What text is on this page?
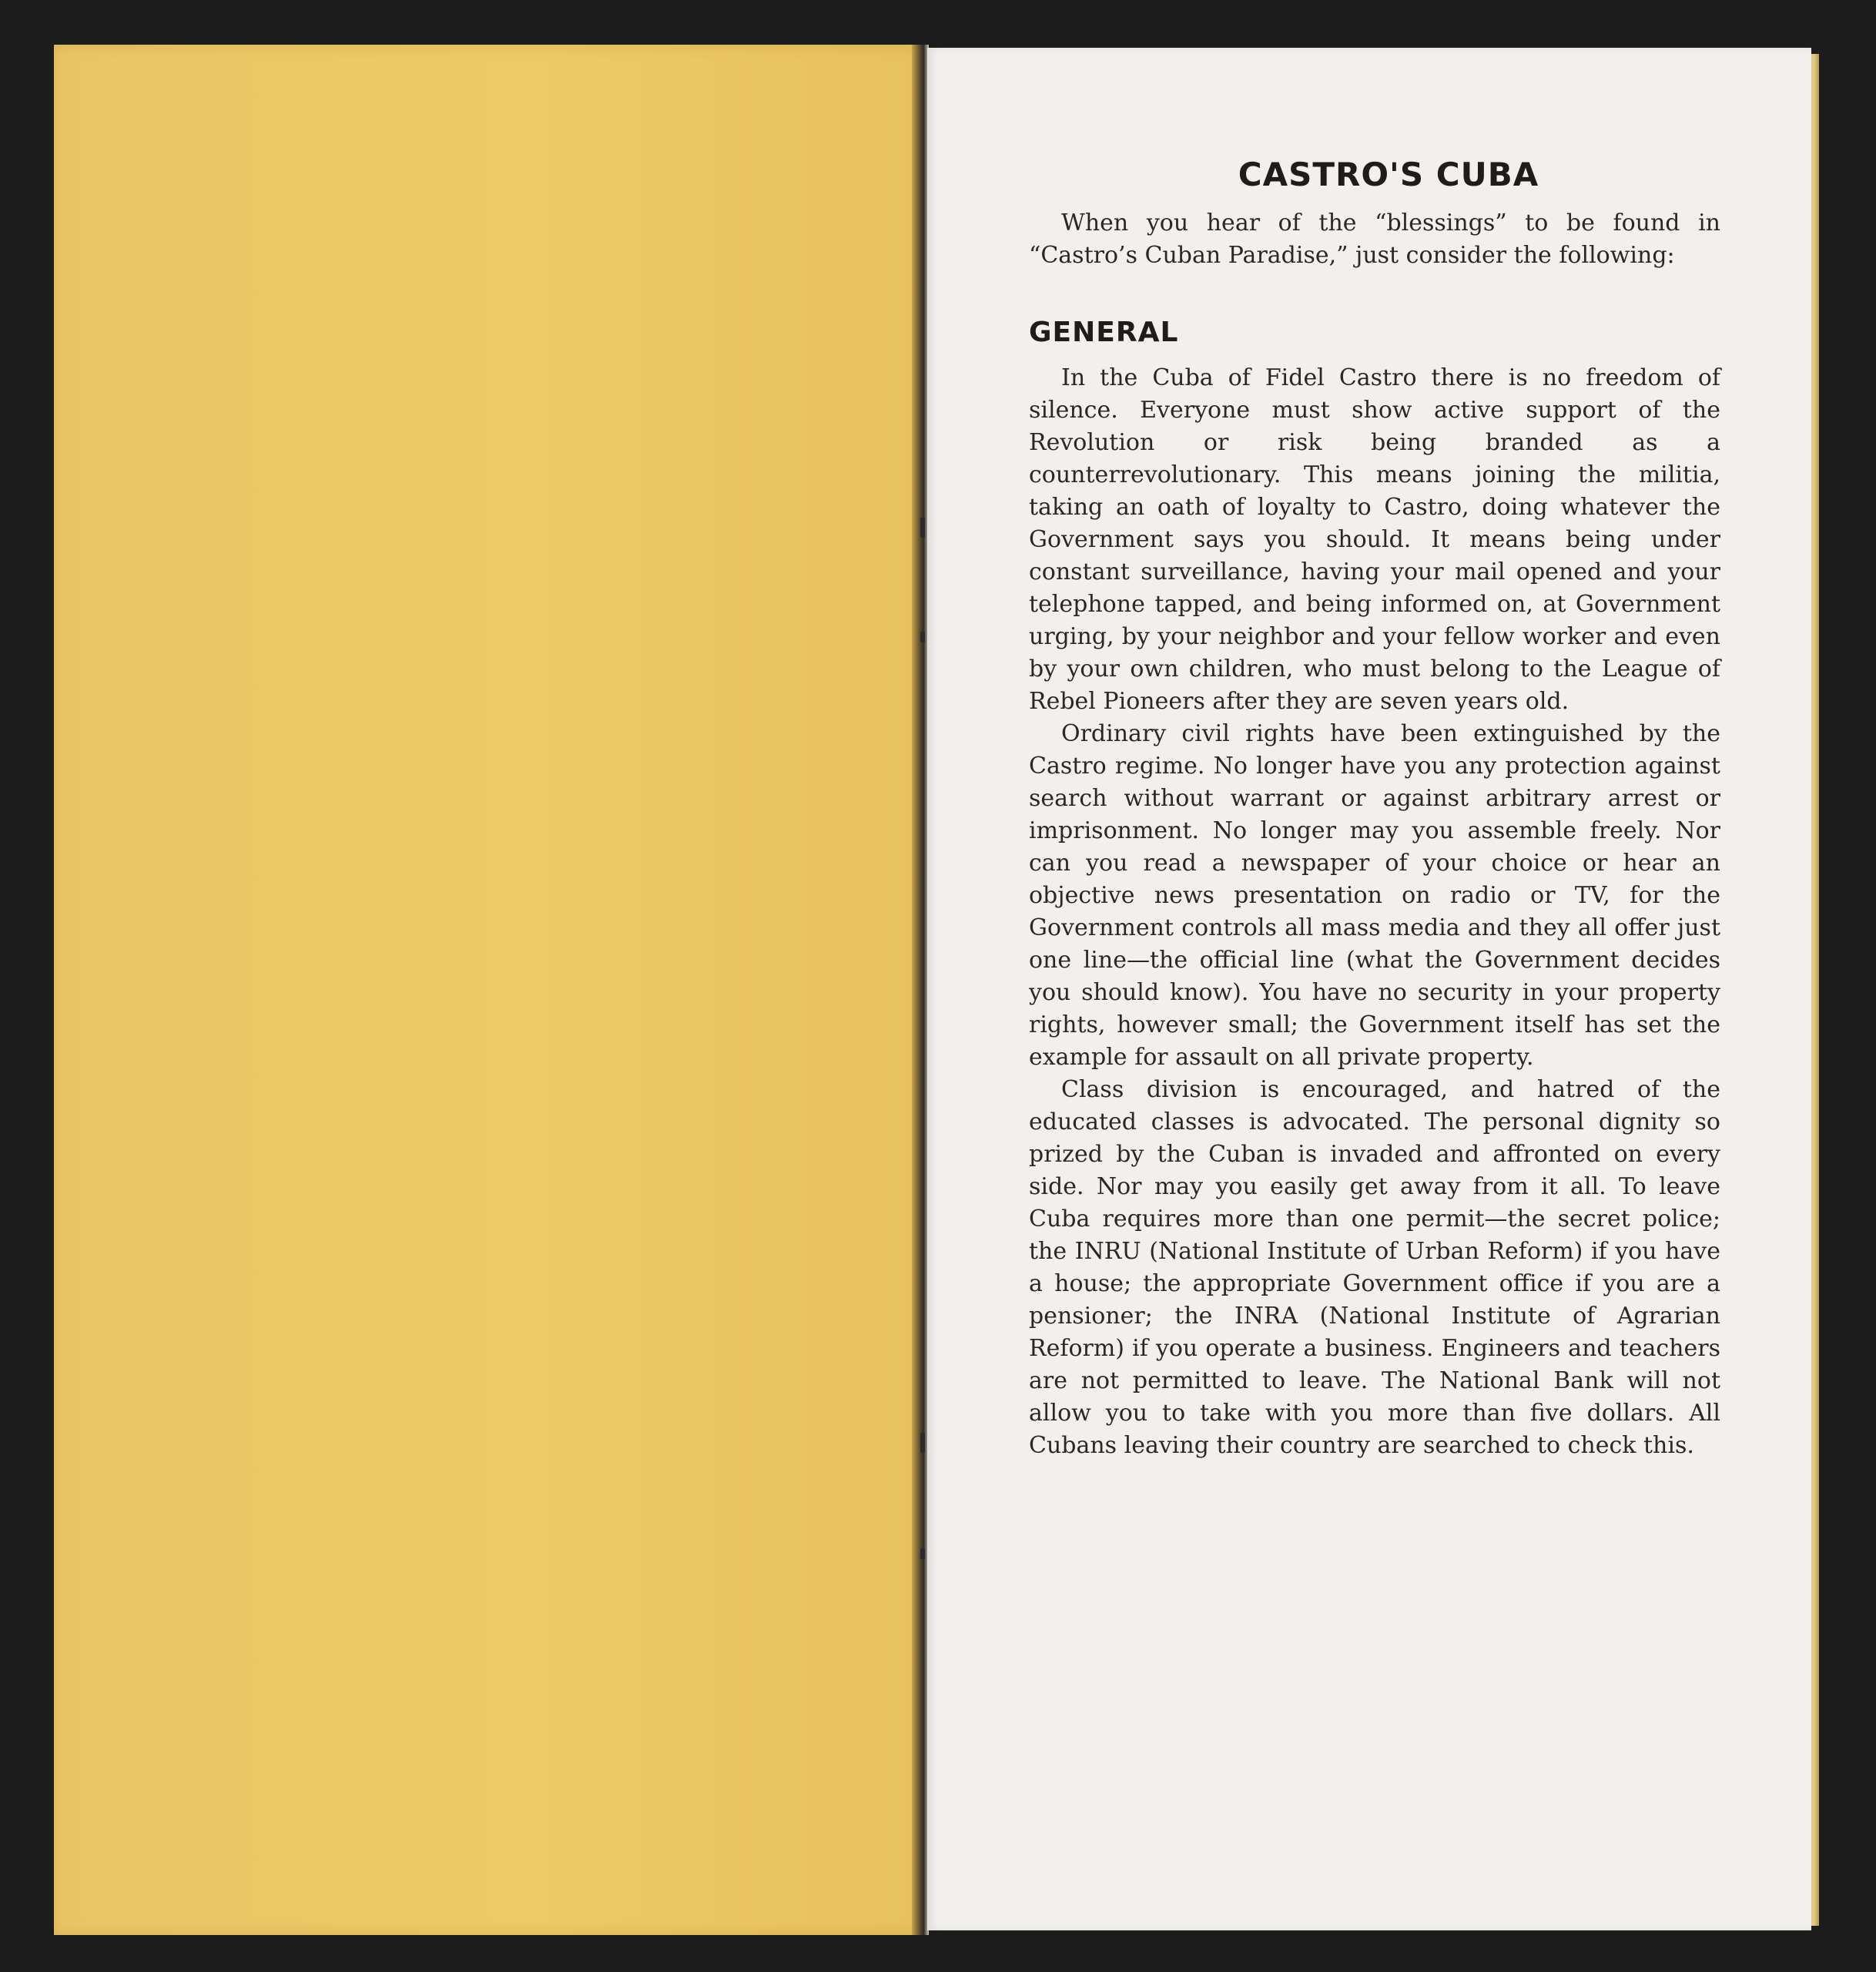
CASTRO'S CUBA

When you hear of the “blessings” to be found in “Castro’s Cuban Paradise,” just consider the following:

GENERAL

In the Cuba of Fidel Castro there is no freedom of silence. Everyone must show active support of the Revolution or risk being branded as a counterrevolutionary. This means joining the militia, taking an oath of loyalty to Castro, doing whatever the Government says you should. It means being under constant surveillance, having your mail opened and your telephone tapped, and being informed on, at Government urging, by your neighbor and your fellow worker and even by your own children, who must belong to the League of Rebel Pioneers after they are seven years old.

Ordinary civil rights have been extinguished by the Castro regime. No longer have you any protection against search without warrant or against arbitrary arrest or imprisonment. No longer may you assemble freely. Nor can you read a newspaper of your choice or hear an objective news presentation on radio or TV, for the Government controls all mass media and they all offer just one line—the official line (what the Government decides you should know). You have no security in your property rights, however small; the Government itself has set the example for assault on all private property.

Class division is encouraged, and hatred of the educated classes is advocated. The personal dignity so prized by the Cuban is invaded and affronted on every side. Nor may you easily get away from it all. To leave Cuba requires more than one permit—the secret police; the INRU (National Institute of Urban Reform) if you have a house; the appropriate Government office if you are a pensioner; the INRA (National Institute of Agrarian Reform) if you operate a business. Engineers and teachers are not permitted to leave. The National Bank will not allow you to take with you more than five dollars. All Cubans leaving their country are searched to check this.
